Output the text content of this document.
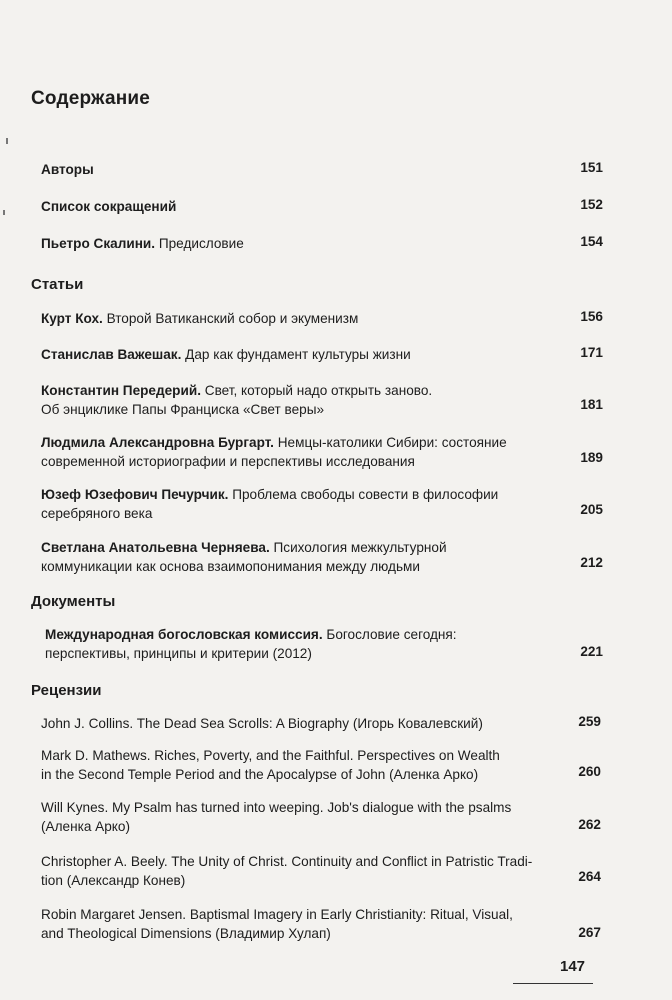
Содержание
Авторы	151
Список сокращений	152
Пьетро Скалини. Предисловие	154
Статьи
Курт Кох. Второй Ватиканский собор и экуменизм	156
Станислав Важешак. Дар как фундамент культуры жизни	171
Константин Передерий. Свет, который надо открыть заново.
Об энциклике Папы Франциска «Свет веры»	181
Людмила Александровна Бургарт. Немцы-католики Сибири: состояние
современной историографии и перспективы исследования	189
Юзеф Юзефович Печурчик. Проблема свободы совести в философии
серебряного века	205
Светлана Анатольевна Черняева. Психология межкультурной
коммуникации как основа взаимопонимания между людьми	212
Документы
Международная богословская комиссия. Богословие сегодня:
перспективы, принципы и критерии (2012)	221
Рецензии
John J. Collins. The Dead Sea Scrolls: A Biography (Игорь Ковалевский)	259
Mark D. Mathews. Riches, Poverty, and the Faithful. Perspectives on Wealth
in the Second Temple Period and the Apocalypse of John (Аленка Арко)	260
Will Kynes. My Psalm has turned into weeping. Job's dialogue with the psalms
(Аленка Арко)	262
Christopher A. Beely. The Unity of Christ. Continuity and Conflict in Patristic Tradi-
tion (Александр Конев)	264
Robin Margaret Jensen. Baptismal Imagery in Early Christianity: Ritual, Visual,
and Theological Dimensions (Владимир Хулап)	267
147
